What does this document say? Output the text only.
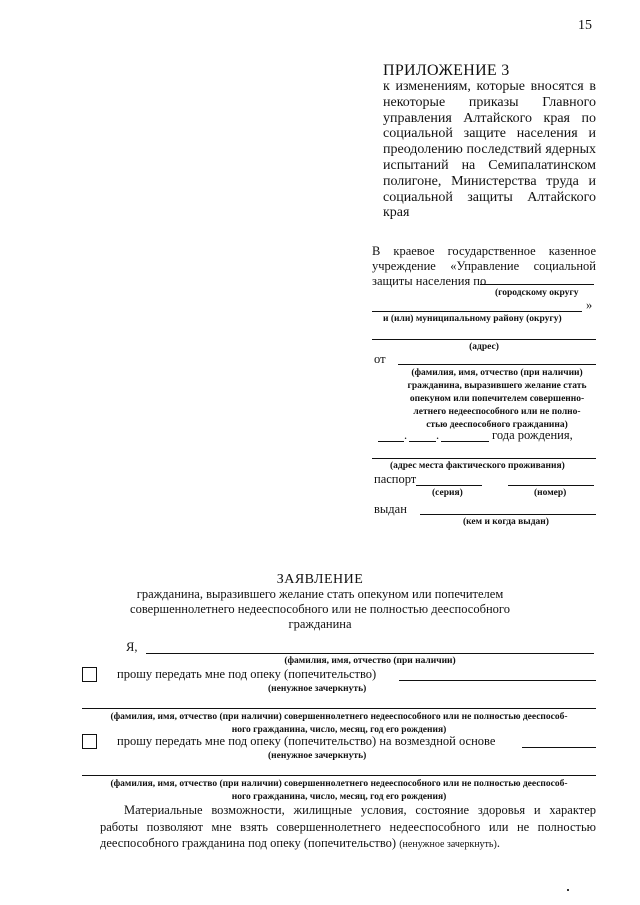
15
ПРИЛОЖЕНИЕ 3
к изменениям, которые вносятся в некоторые приказы Главного управления Алтайского края по социальной защите населения и преодолению последствий ядерных испытаний на Семипалатинском полигоне, Министерства труда и социальной защиты Алтайского края
В краевое государственное казенное учреждение «Управление социальной защиты населения по
(городскому округу
»
и (или) муниципальному району (округу)
(адрес)
от
(фамилия, имя, отчество (при наличии)
гражданина, выразившего желание стать
опекуном или попечителем совершенно-
летнего недееспособного или не полно-
стью дееспособного гражданина)
. .	года рождения,
(адрес места фактического проживания)
паспорт
(серия)	(номер)
выдан
(кем и когда выдан)
ЗАЯВЛЕНИЕ
гражданина, выразившего желание стать опекуном или попечителем совершеннолетнего недееспособного или не полностью дееспособного гражданина
Я,
(фамилия, имя, отчество (при наличии)
прошу передать мне под опеку (попечительство)
(ненужное зачеркнуть)
(фамилия, имя, отчество (при наличии) совершеннолетнего недееспособного или не полностью дееспособ-
ного гражданина, число, месяц, год его рождения)
прошу передать мне под опеку (попечительство) на возмездной основе
(ненужное зачеркнуть)
(фамилия, имя, отчество (при наличии) совершеннолетнего недееспособного или не полностью дееспособ-
ного гражданина, число, месяц, год его рождения)
Материальные возможности, жилищные условия, состояние здоровья и характер работы позволяют мне взять совершеннолетнего недееспособного или не полностью дееспособного гражданина под опеку (попечительство) (ненужное зачеркнуть).
